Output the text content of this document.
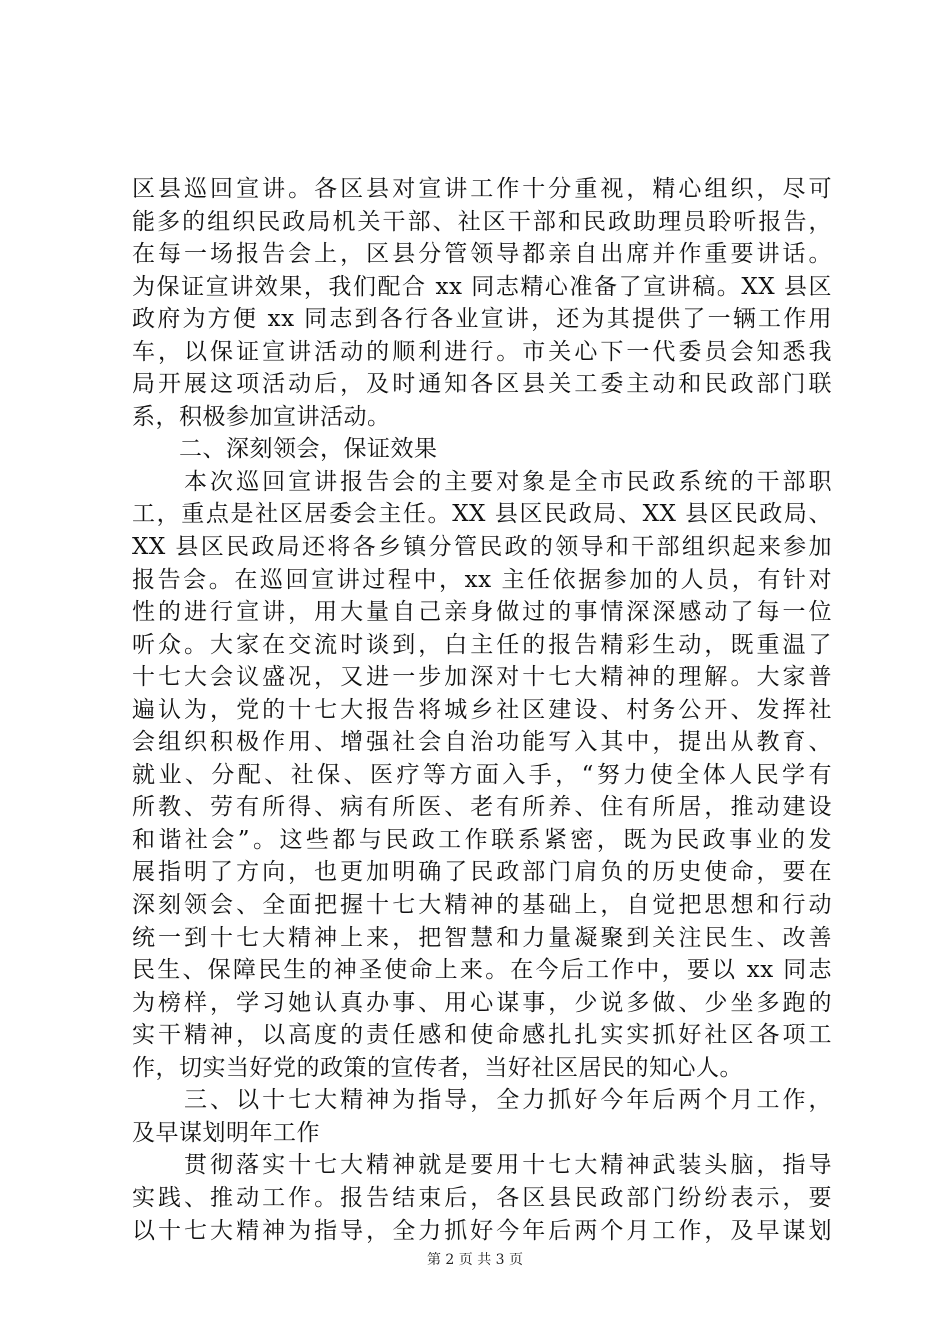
区县巡回宣讲。各区县对宣讲工作十分重视，精心组织，尽可
能多的组织民政局机关干部、社区干部和民政助理员聆听报告，
在每一场报告会上，区县分管领导都亲自出席并作重要讲话。
为保证宣讲效果，我们配合 xx 同志精心准备了宣讲稿。XX 县区
政府为方便 xx 同志到各行各业宣讲，还为其提供了一辆工作用
车，以保证宣讲活动的顺利进行。市关心下一代委员会知悉我
局开展这项活动后，及时通知各区县关工委主动和民政部门联
系，积极参加宣讲活动。
　　二、深刻领会，保证效果
　　本次巡回宣讲报告会的主要对象是全市民政系统的干部职
工，重点是社区居委会主任。XX 县区民政局、XX 县区民政局、
XX 县区民政局还将各乡镇分管民政的领导和干部组织起来参加
报告会。在巡回宣讲过程中，xx 主任依据参加的人员，有针对
性的进行宣讲，用大量自己亲身做过的事情深深感动了每一位
听众。大家在交流时谈到，白主任的报告精彩生动，既重温了
十七大会议盛况，又进一步加深对十七大精神的理解。大家普
遍认为，党的十七大报告将城乡社区建设、村务公开、发挥社
会组织积极作用、增强社会自治功能写入其中，提出从教育、
就业、分配、社保、医疗等方面入手，“努力使全体人民学有
所教、劳有所得、病有所医、老有所养、住有所居，推动建设
和谐社会”。这些都与民政工作联系紧密，既为民政事业的发
展指明了方向，也更加明确了民政部门肩负的历史使命，要在
深刻领会、全面把握十七大精神的基础上，自觉把思想和行动
统一到十七大精神上来，把智慧和力量凝聚到关注民生、改善
民生、保障民生的神圣使命上来。在今后工作中，要以 xx 同志
为榜样，学习她认真办事、用心谋事，少说多做、少坐多跑的
实干精神，以高度的责任感和使命感扎扎实实抓好社区各项工
作，切实当好党的政策的宣传者，当好社区居民的知心人。
　　三、以十七大精神为指导，全力抓好今年后两个月工作，
及早谋划明年工作
　　贯彻落实十七大精神就是要用十七大精神武装头脑，指导
实践、推动工作。报告结束后，各区县民政部门纷纷表示，要
以十七大精神为指导，全力抓好今年后两个月工作，及早谋划
第 2 页 共 3 页
